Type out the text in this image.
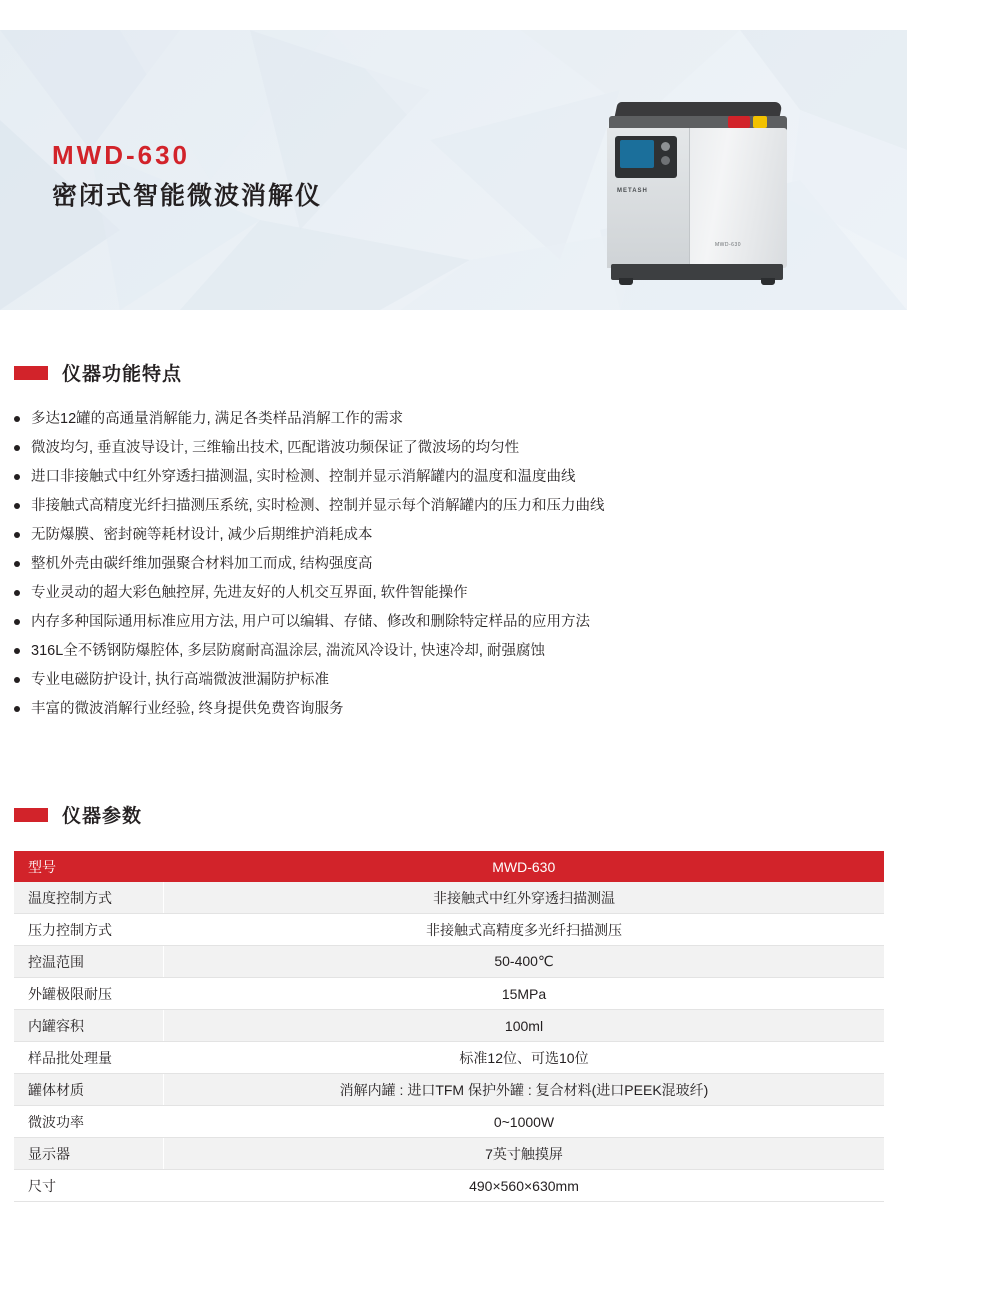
MWD-630
密闭式智能微波消解仪	METASH
MWD-630
仪器功能特点
多达12罐的高通量消解能力, 满足各类样品消解工作的需求
微波均匀, 垂直波导设计, 三维输出技术, 匹配谐波功频保证了微波场的均匀性
进口非接触式中红外穿透扫描测温, 实时检测、控制并显示消解罐内的温度和温度曲线
非接触式高精度光纤扫描测压系统, 实时检测、控制并显示每个消解罐内的压力和压力曲线
无防爆膜、密封碗等耗材设计, 减少后期维护消耗成本
整机外壳由碳纤维加强聚合材料加工而成, 结构强度高
专业灵动的超大彩色触控屏, 先进友好的人机交互界面, 软件智能操作
内存多种国际通用标准应用方法, 用户可以编辑、存储、修改和删除特定样品的应用方法
316L全不锈钢防爆腔体, 多层防腐耐高温涂层, 湍流风冷设计, 快速冷却, 耐强腐蚀
专业电磁防护设计, 执行高端微波泄漏防护标准
丰富的微波消解行业经验, 终身提供免费咨询服务
仪器参数
型号	MWD-630
温度控制方式	非接触式中红外穿透扫描测温
压力控制方式	非接触式高精度多光纤扫描测压
控温范围	50-400℃
外罐极限耐压	15MPa
内罐容积	100ml
样品批处理量	标准12位、可选10位
罐体材质	消解内罐 : 进口TFM 保护外罐 : 复合材料(进口PEEK混玻纤)
微波功率	0~1000W
显示器	7英寸触摸屏
尺寸	490×560×630mm
